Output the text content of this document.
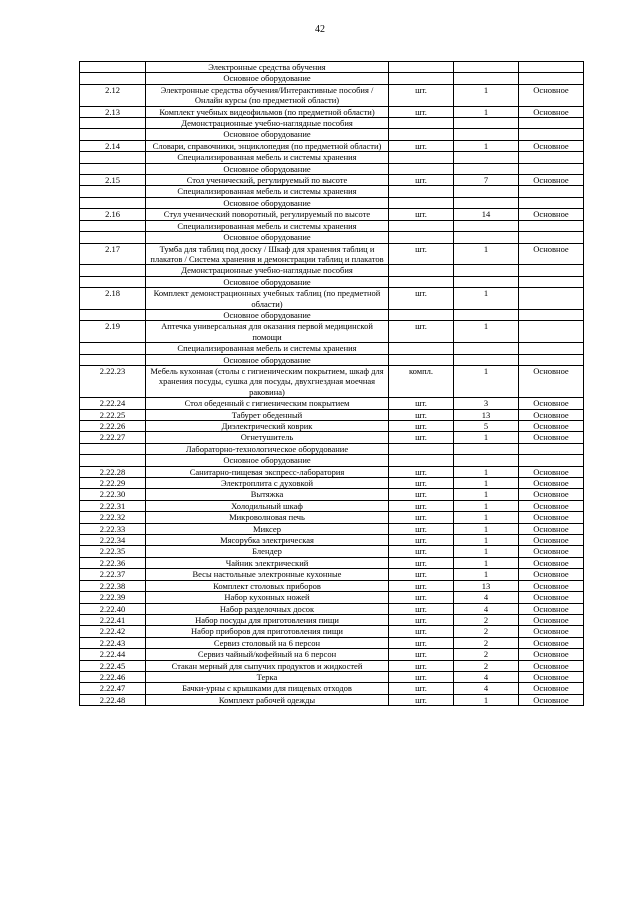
42
	Электронные средства обучения			
	Основное оборудование			
2.12	Электронные средства обучения/Интерактивные пособия / Онлайн курсы (по предметной области)	шт.	1	Основное
2.13	Комплект учебных видеофильмов (по предметной области)	шт.	1	Основное
	Демонстрационные учебно-наглядные пособия			
	Основное оборудование			
2.14	Словари, справочники, энциклопедия (по предметной области)	шт.	1	Основное
	Специализированная мебель и системы хранения			
	Основное оборудование			
2.15	Стол ученический, регулируемый по высоте	шт.	7	Основное
	Специализированная мебель и системы хранения			
	Основное оборудование			
2.16	Стул ученический поворотный, регулируемый по высоте	шт.	14	Основное
	Специализированная мебель и системы хранения			
	Основное оборудование			
2.17	Тумба для таблиц под доску / Шкаф для хранения таблиц и плакатов / Система хранения и демонстрации таблиц и плакатов	шт.	1	Основное
	Демонстрационные учебно-наглядные пособия			
	Основное оборудование			
2.18	Комплект демонстрационных учебных таблиц (по предметной области)	шт.	1	
	Основное оборудование			
2.19	Аптечка универсальная для оказания первой медицинской помощи	шт.	1	
	Специализированная мебель и системы хранения			
	Основное оборудование			
2.22.23	Мебель кухонная (столы с гигиеническим покрытием, шкаф для хранения посуды, сушка для посуды, двухгнездная моечная раковина)	компл.	1	Основное
2.22.24	Стол обеденный с гигиеническим покрытием	шт.	3	Основное
2.22.25	Табурет обеденный	шт.	13	Основное
2.22.26	Диэлектрический коврик	шт.	5	Основное
2.22.27	Огнетушитель	шт.	1	Основное
	Лабораторно-технологическое оборудование			
	Основное оборудование			
2.22.28	Санитарно-пищевая экспресс-лаборатория	шт.	1	Основное
2.22.29	Электроплита с духовкой	шт.	1	Основное
2.22.30	Вытяжка	шт.	1	Основное
2.22.31	Холодильный шкаф	шт.	1	Основное
2.22.32	Микроволновая печь	шт.	1	Основное
2.22.33	Миксер	шт.	1	Основное
2.22.34	Мясорубка электрическая	шт.	1	Основное
2.22.35	Блендер	шт.	1	Основное
2.22.36	Чайник электрический	шт.	1	Основное
2.22.37	Весы настольные электронные кухонные	шт.	1	Основное
2.22.38	Комплект столовых приборов	шт.	13	Основное
2.22.39	Набор кухонных ножей	шт.	4	Основное
2.22.40	Набор разделочных досок	шт.	4	Основное
2.22.41	Набор посуды для приготовления пищи	шт.	2	Основное
2.22.42	Набор приборов для приготовления пищи	шт.	2	Основное
2.22.43	Сервиз столовый на 6 персон	шт.	2	Основное
2.22.44	Сервиз чайный/кофейный на 6 персон	шт.	2	Основное
2.22.45	Стакан мерный для сыпучих продуктов и жидкостей	шт.	2	Основное
2.22.46	Терка	шт.	4	Основное
2.22.47	Бачки-урны с крышками для пищевых отходов	шт.	4	Основное
2.22.48	Комплект рабочей одежды	шт.	1	Основное
